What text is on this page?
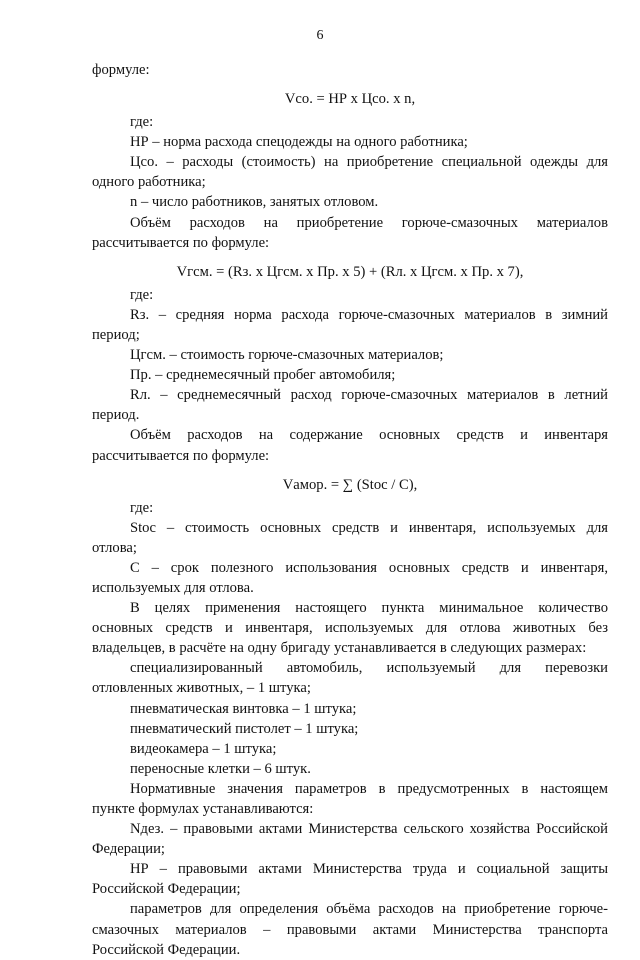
6
формуле:
Vсо. = НР х Цсо. х n,
где:
НР – норма расхода спецодежды на одного работника;
Цсо. – расходы (стоимость) на приобретение специальной одежды для
одного работника;
n – число работников, занятых отловом.
Объём расходов на приобретение горюче-смазочных материалов
рассчитывается по формуле:
Vгсм. = (Rз. х Цгсм. х Пр. х 5) + (Rл. х Цгсм. х Пр. х 7),
где:
Rз. – средняя норма расхода горюче-смазочных материалов в зимний
период;
Цгсм. – стоимость горюче-смазочных материалов;
Пр. – среднемесячный пробег автомобиля;
Rл. – среднемесячный расход горюче-смазочных материалов в летний
период.
Объём расходов на содержание основных средств и инвентаря
рассчитывается по формуле:
Vамор. = ∑ (Stoc / С),
где:
Stoc – стоимость основных средств и инвентаря, используемых для
отлова;
С – срок полезного использования основных средств и инвентаря,
используемых для отлова.
В целях применения настоящего пункта минимальное количество
основных средств и инвентаря, используемых для отлова животных без
владельцев, в расчёте на одну бригаду устанавливается в следующих размерах:
специализированный автомобиль, используемый для перевозки
отловленных животных, – 1 штука;
пневматическая винтовка – 1 штука;
пневматический пистолет – 1 штука;
видеокамера – 1 штука;
переносные клетки – 6 штук.
Нормативные значения параметров в предусмотренных в настоящем
пункте формулах устанавливаются:
Nдез. – правовыми актами Министерства сельского хозяйства Российской
Федерации;
НР – правовыми актами Министерства труда и социальной защиты
Российской Федерации;
параметров для определения объёма расходов на приобретение горюче-
смазочных материалов – правовыми актами Министерства транспорта
Российской Федерации.
